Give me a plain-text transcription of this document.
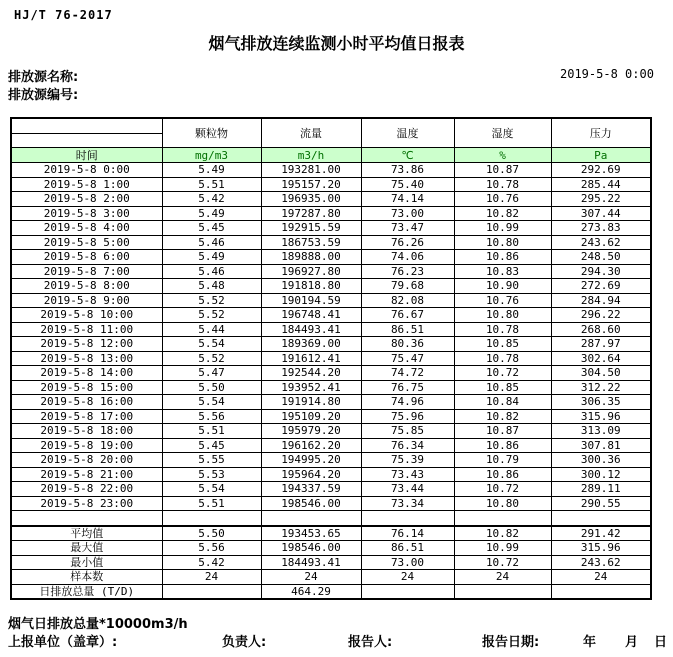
HJ/T 76-2017
烟气排放连续监测小时平均值日报表
排放源名称:
排放源编号:
2019-5-8 0:00
	颗粒物	流量	温度	湿度	压力

时间	mg/m3	m3/h	℃	%	Pa
2019-5-8 0:00	5.49	193281.00	73.86	10.87	292.69
2019-5-8 1:00	5.51	195157.20	75.40	10.78	285.44
2019-5-8 2:00	5.42	196935.00	74.14	10.76	295.22
2019-5-8 3:00	5.49	197287.80	73.00	10.82	307.44
2019-5-8 4:00	5.45	192915.59	73.47	10.99	273.83
2019-5-8 5:00	5.46	186753.59	76.26	10.80	243.62
2019-5-8 6:00	5.49	189888.00	74.06	10.86	248.50
2019-5-8 7:00	5.46	196927.80	76.23	10.83	294.30
2019-5-8 8:00	5.48	191818.80	79.68	10.90	272.69
2019-5-8 9:00	5.52	190194.59	82.08	10.76	284.94
2019-5-8 10:00	5.52	196748.41	76.67	10.80	296.22
2019-5-8 11:00	5.44	184493.41	86.51	10.78	268.60
2019-5-8 12:00	5.54	189369.00	80.36	10.85	287.97
2019-5-8 13:00	5.52	191612.41	75.47	10.78	302.64
2019-5-8 14:00	5.47	192544.20	74.72	10.72	304.50
2019-5-8 15:00	5.50	193952.41	76.75	10.85	312.22
2019-5-8 16:00	5.54	191914.80	74.96	10.84	306.35
2019-5-8 17:00	5.56	195109.20	75.96	10.82	315.96
2019-5-8 18:00	5.51	195979.20	75.85	10.87	313.09
2019-5-8 19:00	5.45	196162.20	76.34	10.86	307.81
2019-5-8 20:00	5.55	194995.20	75.39	10.79	300.36
2019-5-8 21:00	5.53	195964.20	73.43	10.86	300.12
2019-5-8 22:00	5.54	194337.59	73.44	10.72	289.11
2019-5-8 23:00	5.51	198546.00	73.34	10.80	290.55

平均值	5.50	193453.65	76.14	10.82	291.42
最大值	5.56	198546.00	86.51	10.99	315.96
最小值	5.42	184493.41	73.00	10.72	243.62
样本数	24	24	24	24	24
日排放总量 (T/D)		464.29			
烟气日排放总量*10000m3/h
上报单位（盖章）:	负责人:	报告人:	报告日期:	年 月 日
